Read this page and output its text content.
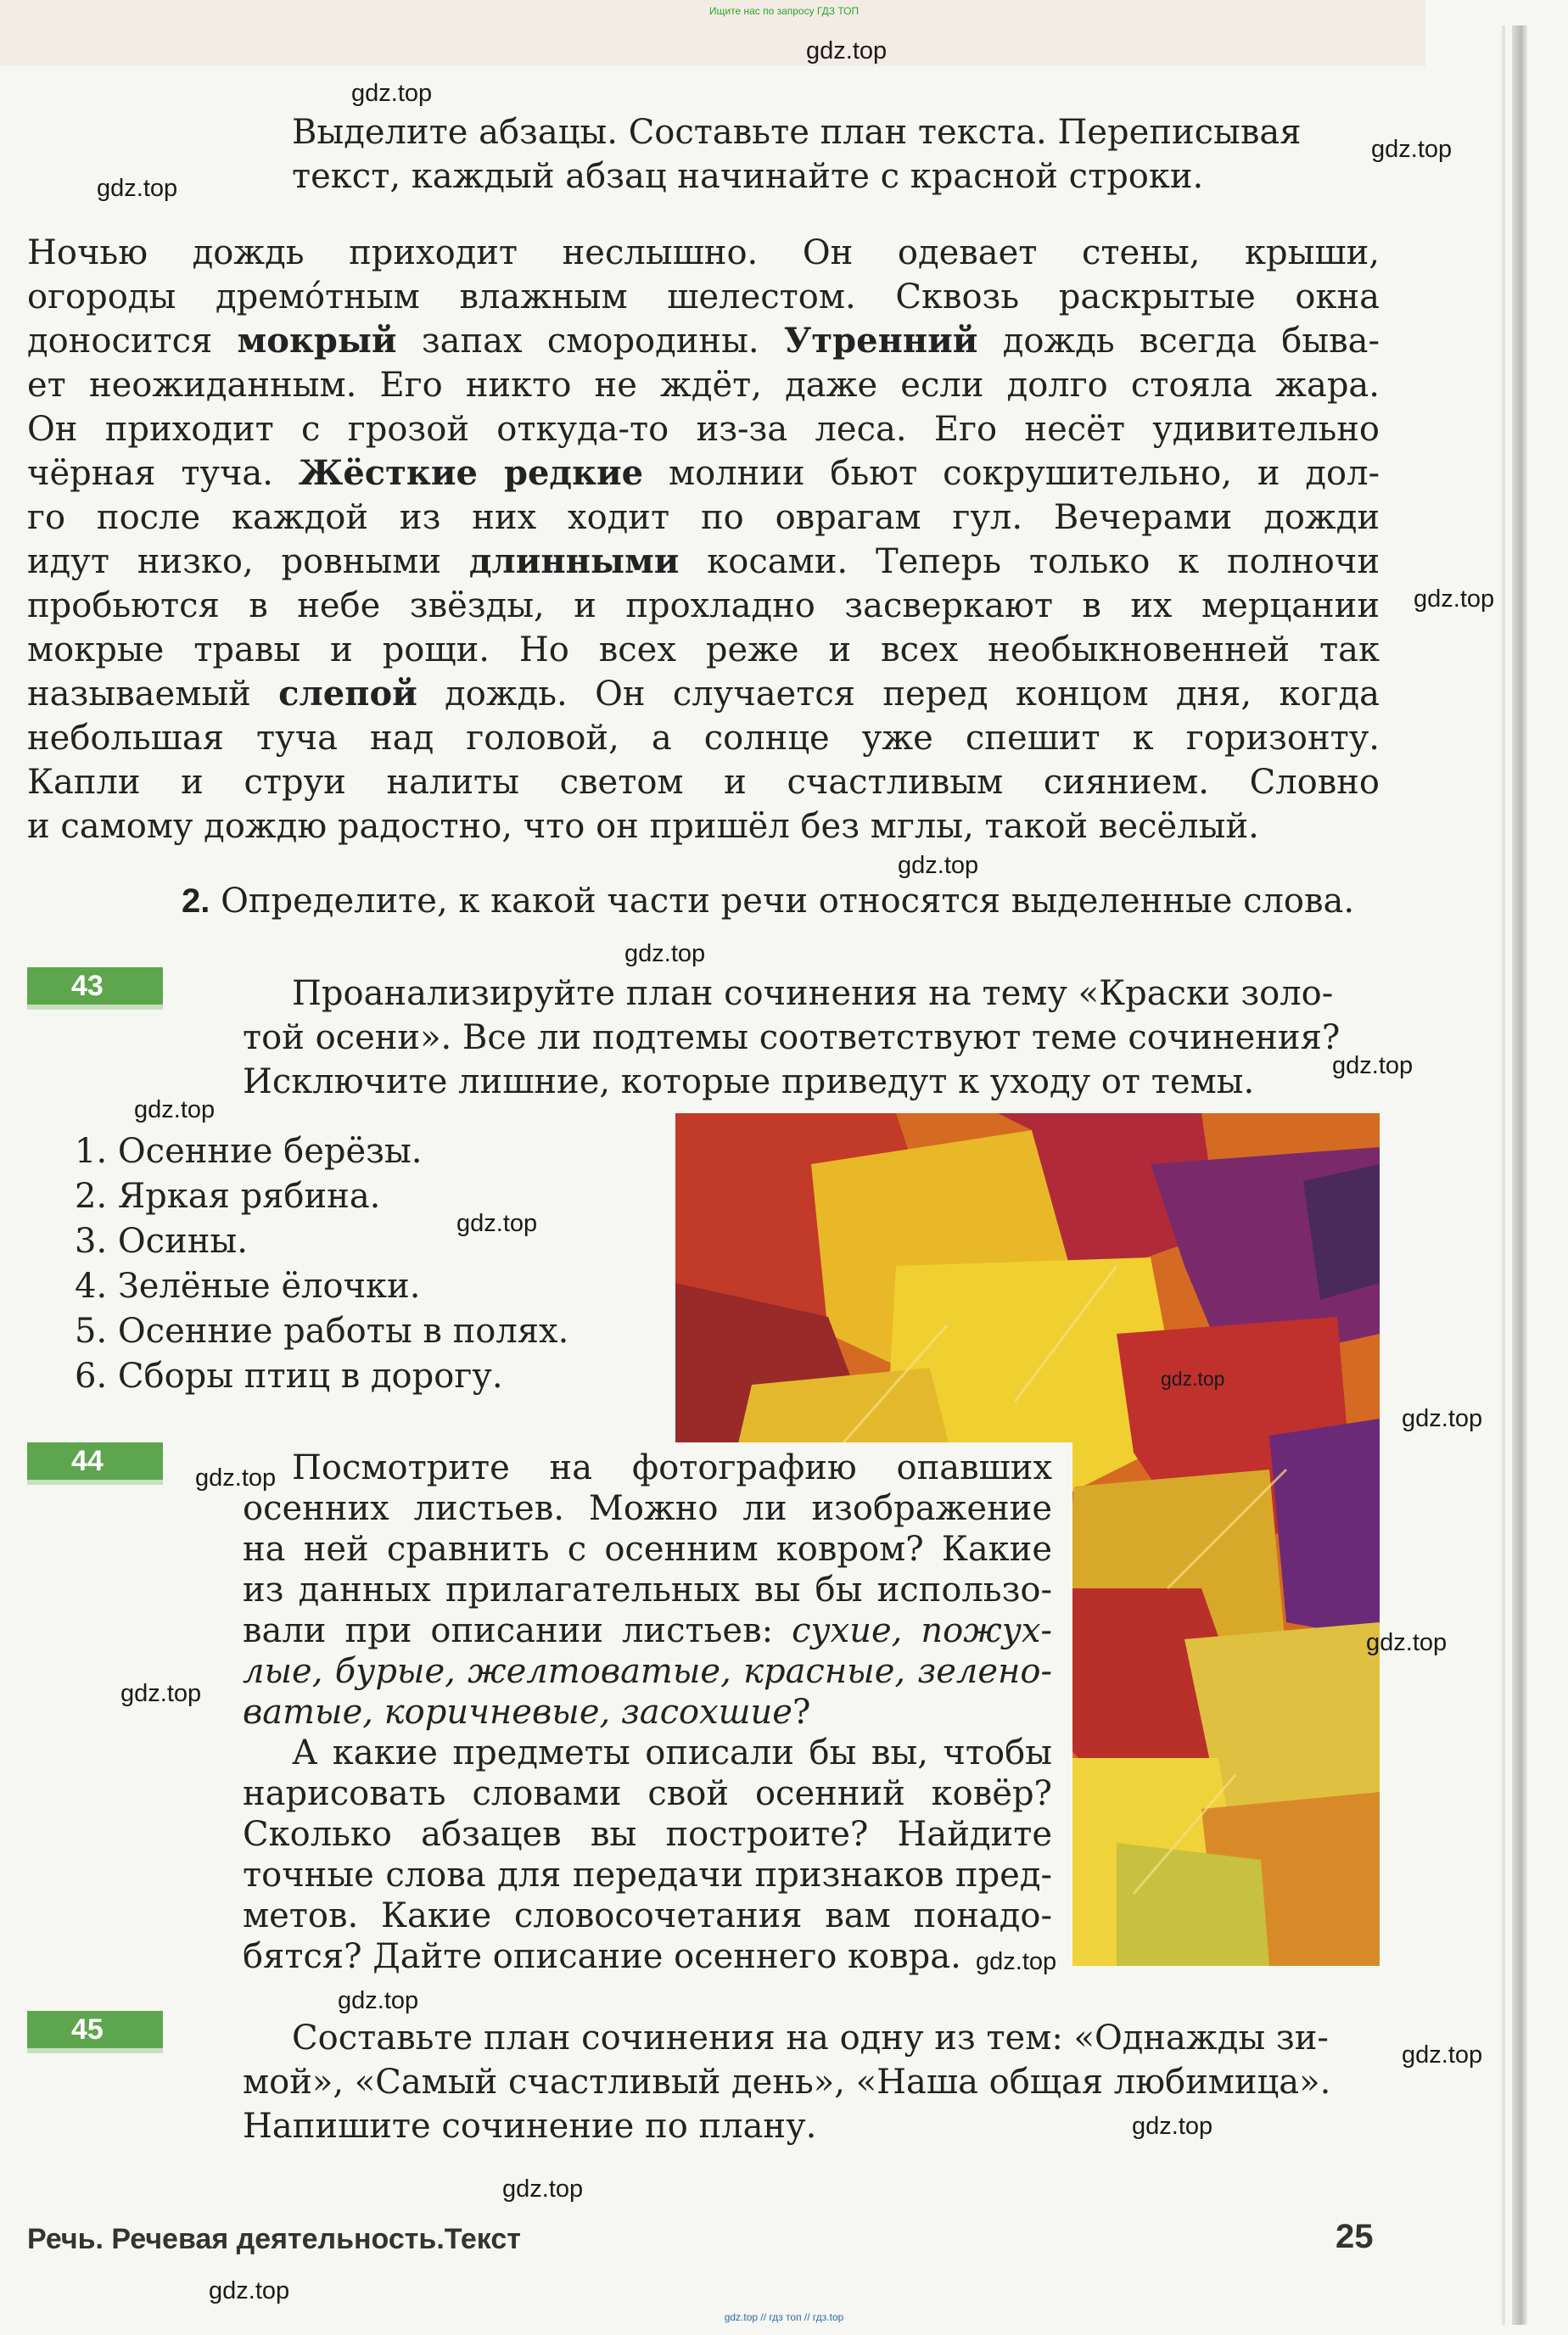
Ищите нас по запросу ГДЗ ТОП
Выделите абзацы. Составьте план текста. Переписывая
текст, каждый абзац начинайте с красной строки.
Ночью дождь приходит неслышно. Он одевает стены, крыши,
огороды дремо́тным влажным шелестом. Сквозь раскрытые окна
доносится мокрый запах смородины. Утренний дождь всегда быва-
ет неожиданным. Его никто не ждёт, даже если долго стояла жара.
Он приходит с грозой откуда-то из-за леса. Его несёт удивительно
чёрная туча. Жёсткие редкие молнии бьют сокрушительно, и дол-
го после каждой из них ходит по оврагам гул. Вечерами дожди
идут низко, ровными длинными косами. Теперь только к полночи
пробьются в небе звёзды, и прохладно засверкают в их мерцании
мокрые травы и рощи. Но всех реже и всех необыкновенней так
называемый слепой дождь. Он случается перед концом дня, когда
небольшая туча над головой, а солнце уже спешит к горизонту.
Капли и струи налиты светом и счастливым сиянием. Словно
и самому дождю радостно, что он пришёл без мглы, такой весёлый.
2. Определите, к какой части речи относятся выделенные слова.
43	Проанализируйте план сочинения на тему «Краски золо-
той осени». Все ли подтемы соответствуют теме сочинения?
Исключите лишние, которые приведут к уходу от темы.
1. Осенние берёзы.
2. Яркая рябина.
3. Осины.
4. Зелёные ёлочки.
5. Осенние работы в полях.
6. Сборы птиц в дорогу.
44	Посмотрите на фотографию опавших
осенних листьев. Можно ли изображение
на ней сравнить с осенним ковром? Какие
из данных прилагательных вы бы использо-
вали при описании листьев: сухие, пожух-
лые, бурые, желтоватые, красные, зелено-
ватые, коричневые, засохшие?
А какие предметы описали бы вы, чтобы
нарисовать словами свой осенний ковёр?
Сколько абзацев вы построите? Найдите
точные слова для передачи признаков пред-
метов. Какие словосочетания вам понадо-
бятся? Дайте описание осеннего ковра.
45	Составьте план сочинения на одну из тем: «Однажды зи-
мой», «Самый счастливый день», «Наша общая любимица».
Напишите сочинение по плану.
Речь. Речевая деятельность.Текст	25
gdz.top
gdz.top
gdz.top
gdz.top
gdz.top
gdz.top
gdz.top
gdz.top
gdz.top
gdz.top
gdz.top
gdz.top
gdz.top
gdz.top
gdz.top
gdz.top
gdz.top
gdz.top
gdz.top
gdz.top
gdz.top
gdz.top // гдз топ // гдз.top
